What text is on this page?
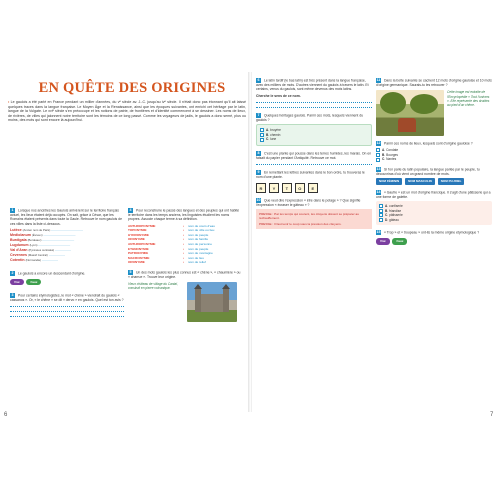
EN QUÊTE DES ORIGINES
• Le gaulois a été parlé en France pendant un millier d'années, du vᵉ siècle av. J.-C. jusqu'au ivᵉ siècle. Il n'était donc pas étonnant qu'il ait laissé quelques traces dans la langue française. Le Moyen Âge et la Renaissance, ainsi que les époques suivantes, ont enrichi cet héritage par le latin, langue de la Vulgate. Le xviᵉ siècle s'en préoccupe et les notions de patrie, de frontières et d'identité commencent à se dessiner. Les noms de lieux, de rivières, de villes qui jalonnent notre territoire sont les témoins de ce long passé. Comme les voyageurs de jadis, le gaulois a donc semé, plus ou moins, des mots qui sont encore là aujourd'hui.
1 Lorsque nos ancêtres les Gaulois arrivèrent sur le territoire français actuel, les lieux étaient déjà occupés. On sait, grâce à César, que les Romains étaient présents dans toute la Gaule. Retrouve le nom gaulois de ces villes dans la liste ci-dessous.
Lutèce (Ancien nom de Paris) ................................
Mediolanum (Évreux) ................................
Burdigala (Bordeaux) ................................
Lugdunum (Lyon) ................................
Val d'Aran (Pyrénées centrales) ................
Cevennes (Massif Central) ................
Cotentin (Normandie) ................
2 Le gaulois a encore un descendant d'origine.
Vrai	Faux
3 Pour certains étymologistes, le mot « chêne » viendrait du gaulois « cassanos ». Or, « le chêne » se dit « dervo » en gaulois. Quel est ton avis ?
4 Pour reconstruire le passé des langues et des peuples qui ont habité le territoire dans les temps anciens, les linguistes étudient les noms propres. Associe chaque terme à sa définition.
ANTHROPONYMIE	•	nom de cours d'eau
TOPONYMIE	•	nom de ville ou lieu
HYDRONYMIE	•	nom de peuple
ODONYMIE	•	nom de famille
ANTHROPONYMIE	•	nom de personne
ETHNONYMIE	•	nom de peuple
PATRONYMIE	•	nom de montagne
MACRONYMIE	•	nom de lieu
ORONYMIE	•	nom de relief
5 Un des mots gaulois les plus connus est « chêne », « chaumière » ou « charrue ». Trouve leur origine.
Vieux château de village du Cantal, construit en pierre volcanique.
6 Le latin tardif (le bas latin) est très présent dans la langue française, avec des milliers de mots. D'autres viennent du gaulois à travers le latin. Et certains, venus du gaulois, sont même devenus des mots latins.
Cherche le sens de ce nom.
7 Quelques héritages gaulois. Parmi ces mots, lesquels viennent du gaulois ?
A. bruyère
B. chemin
C. lune
8 C'est une plante qui pousse dans les terres humides, les marais. On en faisait du papier pendant l'Antiquité. Retrouve ce mot.
9 En remettant les lettres suivantes dans le bon ordre, tu trouveras le nom d'une plante.
R	Y	T	O	E
10 Que veut dire l'expression « être dans le potage » ? Que signifie l'expression « écraser le gâteau » ?
PRESSE : Par les temps qui courent, les citoyens doivent se préparer au réchauffement.
PRESSE : Il faut tenir le coup sous la pression des citoyens.
11 Dans la boîte suivante se cachent 12 mots d'origine gauloise et 10 mots d'origine germanique. Saurais-tu les retrouver ?
Cette image est extraite de l'Encyclopédie « Tout l'univers ». Elle représente des druides au pied d'un chêne.
12 Parmi ces noms de lieux, lesquels sont d'origine gauloise ?
A. Condate
B. Bourges
C. Nantes
13 Si l'on parle du latin populaire, la langue parlée par le peuple, tu découvriras d'où vient un grand nombre de mots.
NOM FÉMININ	NOM MASCULIN	NOM PLURIEL
14 « Gaufre » est un mot d'origine francique. Il s'agit d'une pâtisserie qui a une forme de galette.
A. confiserie
B. friandise
C. pâtisserie
D. gâteau
15 « Trop » et « troupeau » ont-ils la même origine étymologique ?
Vrai	Faux
6	7
